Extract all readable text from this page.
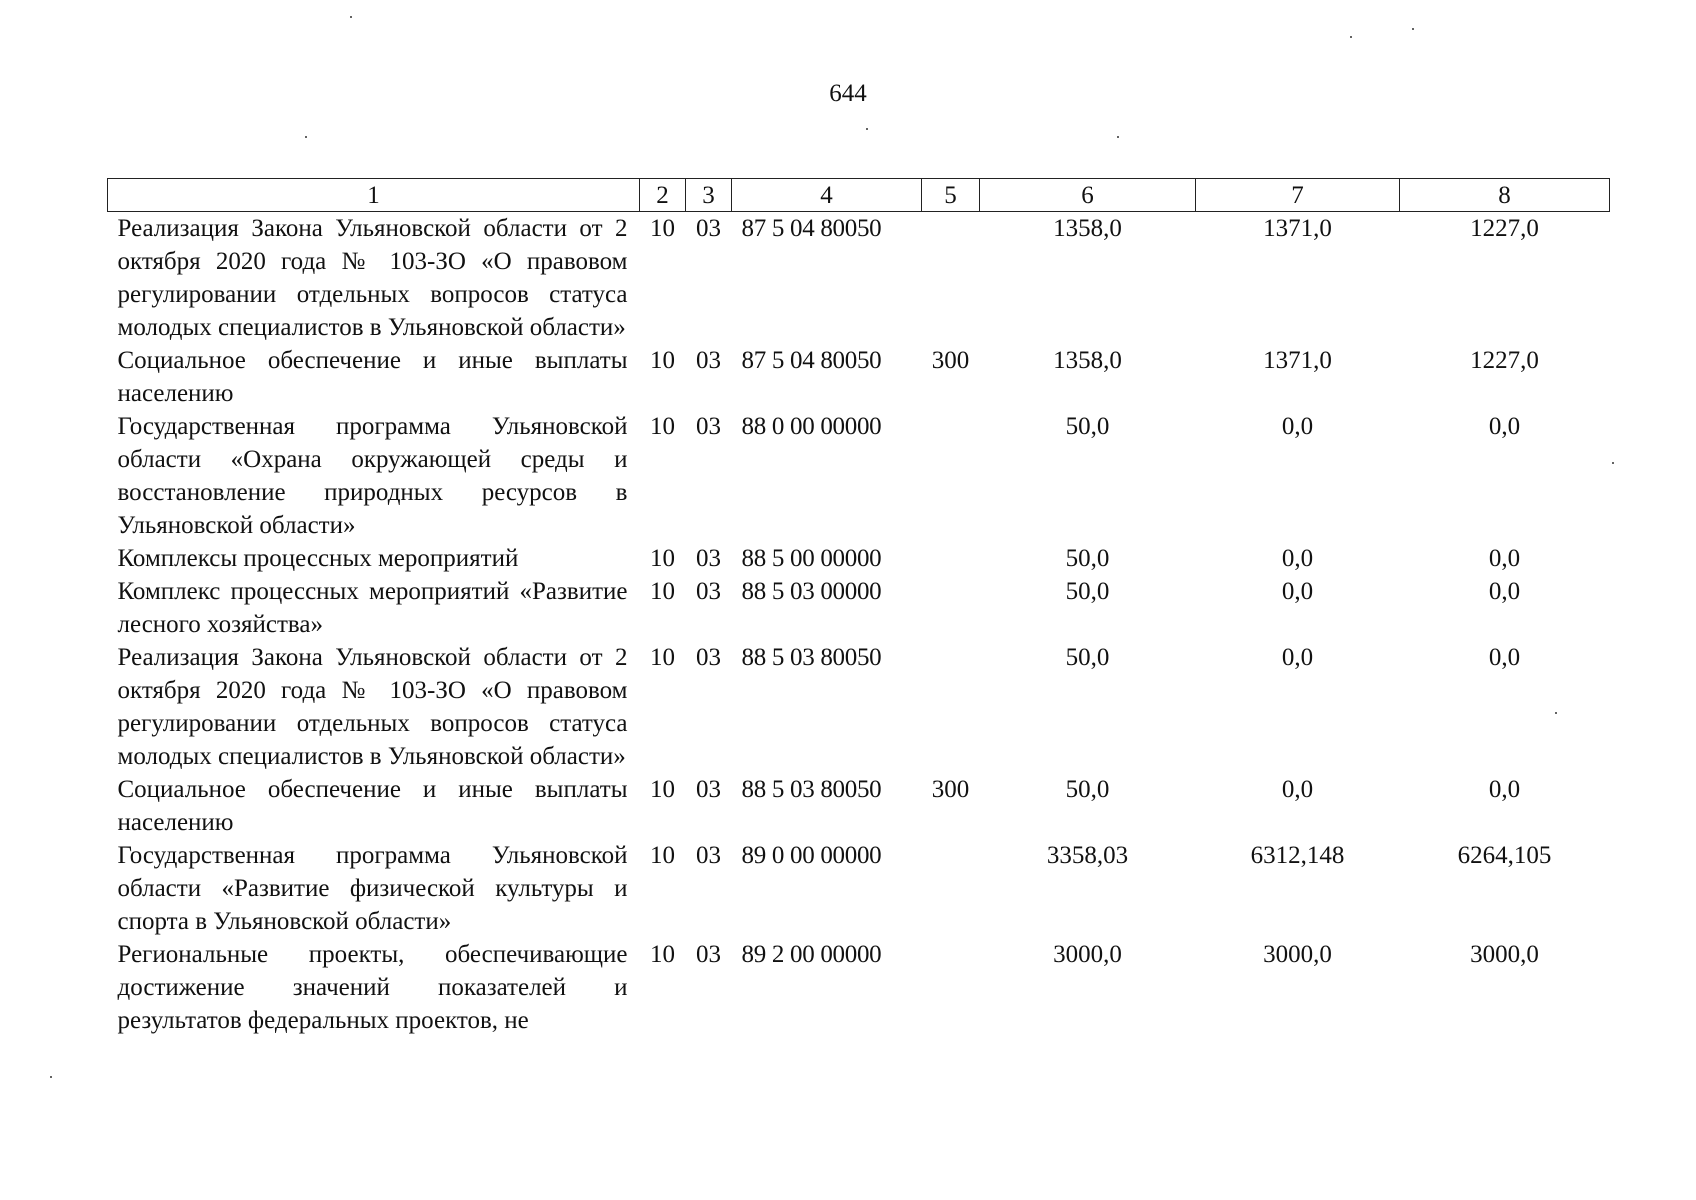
644
1	2	3	4	5	6	7	8
Реализация Закона Ульяновской области от 2 октября 2020 года № 103-ЗО «О правовом регулировании отдельных вопросов статуса молодых специалистов в Ульяновской области»	10	03	87 5 04 80050		1358,0	1371,0	1227,0
Социальное обеспечение и иные выплаты населению	10	03	87 5 04 80050	300	1358,0	1371,0	1227,0
Государственная программа Ульяновской области «Охрана окружающей среды и восстановление природных ресурсов в Ульяновской области»	10	03	88 0 00 00000		50,0	0,0	0,0
Комплексы процессных мероприятий	10	03	88 5 00 00000		50,0	0,0	0,0
Комплекс процессных мероприятий «Развитие лесного хозяйства»	10	03	88 5 03 00000		50,0	0,0	0,0
Реализация Закона Ульяновской области от 2 октября 2020 года № 103-ЗО «О правовом регулировании отдельных вопросов статуса молодых специалистов в Ульяновской области»	10	03	88 5 03 80050		50,0	0,0	0,0
Социальное обеспечение и иные выплаты населению	10	03	88 5 03 80050	300	50,0	0,0	0,0
Государственная программа Ульяновской области «Развитие физической культуры и спорта в Ульяновской области»	10	03	89 0 00 00000		3358,03	6312,148	6264,105
Региональные проекты, обеспечивающие достижение значений показателей и результатов федеральных проектов, не	10	03	89 2 00 00000		3000,0	3000,0	3000,0
